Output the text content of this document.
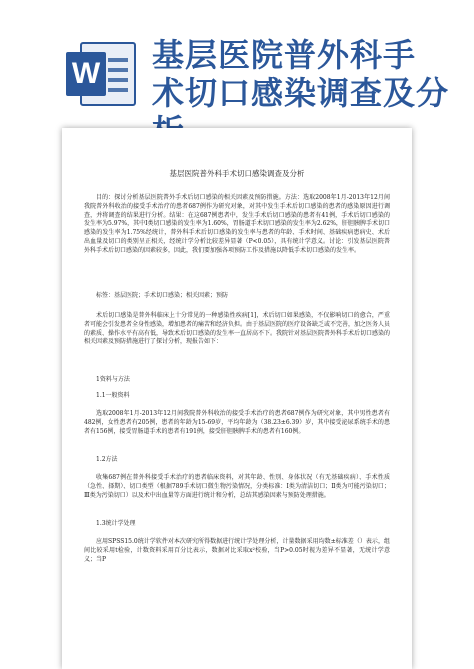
W 基层医院普外科手
术切口感染调查及分
基层医院普外科手术切口感染调查及分析

目的：探讨分析基层医院普外手术后切口感染的相关因素及预防措施。方法：选取2008年1月-2013年12月间我院普外科收治的接受手术治疗的患者687例作为研究对象，对其中发生手术后切口感染的患者的感染原因进行调查，并将调查的结果进行分析。结果：在这687例患者中，发生手术后切口感染的患者有41例，手术后切口感染的发生率为5.97%，其中Ⅰ类切口感染的发生率为1.60%，胃肠道手术切口感染的发生率为2.62%，肝胆胰脾手术切口感染的发生率为1.75%经统计，普外科手术后切口感染的发生率与患者的年龄、手术时间、基础疾病患病史、术后出血量及切口的类别呈正相关，经统计学分析比较差异显著（P<0.05），具有统计学意义。讨论：引发基层医院普外科手术后切口感染的因素较多，因此，我们要加强各项预防工作及措施以降低手术切口感染的发生率。

标签：基层医院；手术切口感染；相关因素；预防

术后切口感染是普外科临床上十分常见的一种感染性疾病[1]，术后切口如果感染，不仅影响切口的愈合，严重者可能会引发患者全身性感染，增加患者的痛苦和经济负担。由于基层医院的医疗设备缺乏或不完善，加之医务人员的素质、操作水平有高有低，导致术后切口感染的发生率一直居高不下。我院针对基层医院普外科手术后切口感染的相关因素及预防措施进行了探讨分析，现报告如下：

1资料与方法

1.1一般资料

选取2008年1月-2013年12月间我院普外科收治的接受手术治疗的患者687例作为研究对象，其中男性患者有482例，女性患者有205例，患者的年龄为15-69岁，平均年龄为（38.23±6.39）岁，其中接受泌尿系统手术的患者有156例，接受胃肠道手术的患者有191例，接受肝胆胰脾手术的患者有160例。

1.2方法

收集687例在普外科接受手术治疗的患者临床资料，对其年龄、性别、身体状况（有无基础疾病）、手术性质（急性、择期）、切口类型（根据789手术切口微生物污染情况，分类标准：Ⅰ类为清洁切口；Ⅱ类为可能污染切口；Ⅲ类为污染切口）以及术中出血量等方面进行统计和分析，总结其感染因素与预防处理措施。

1.3统计学处理

应用SPSS15.0统计学软件对本次研究所得数据进行统计学处理分析，计量数据采用均数±标准差（）表示，组间比较采用t检验，计数资料采用百分比表示，数据对比采取x²校验，当P>0.05时视为差异不显著，无统计学意义；当P
